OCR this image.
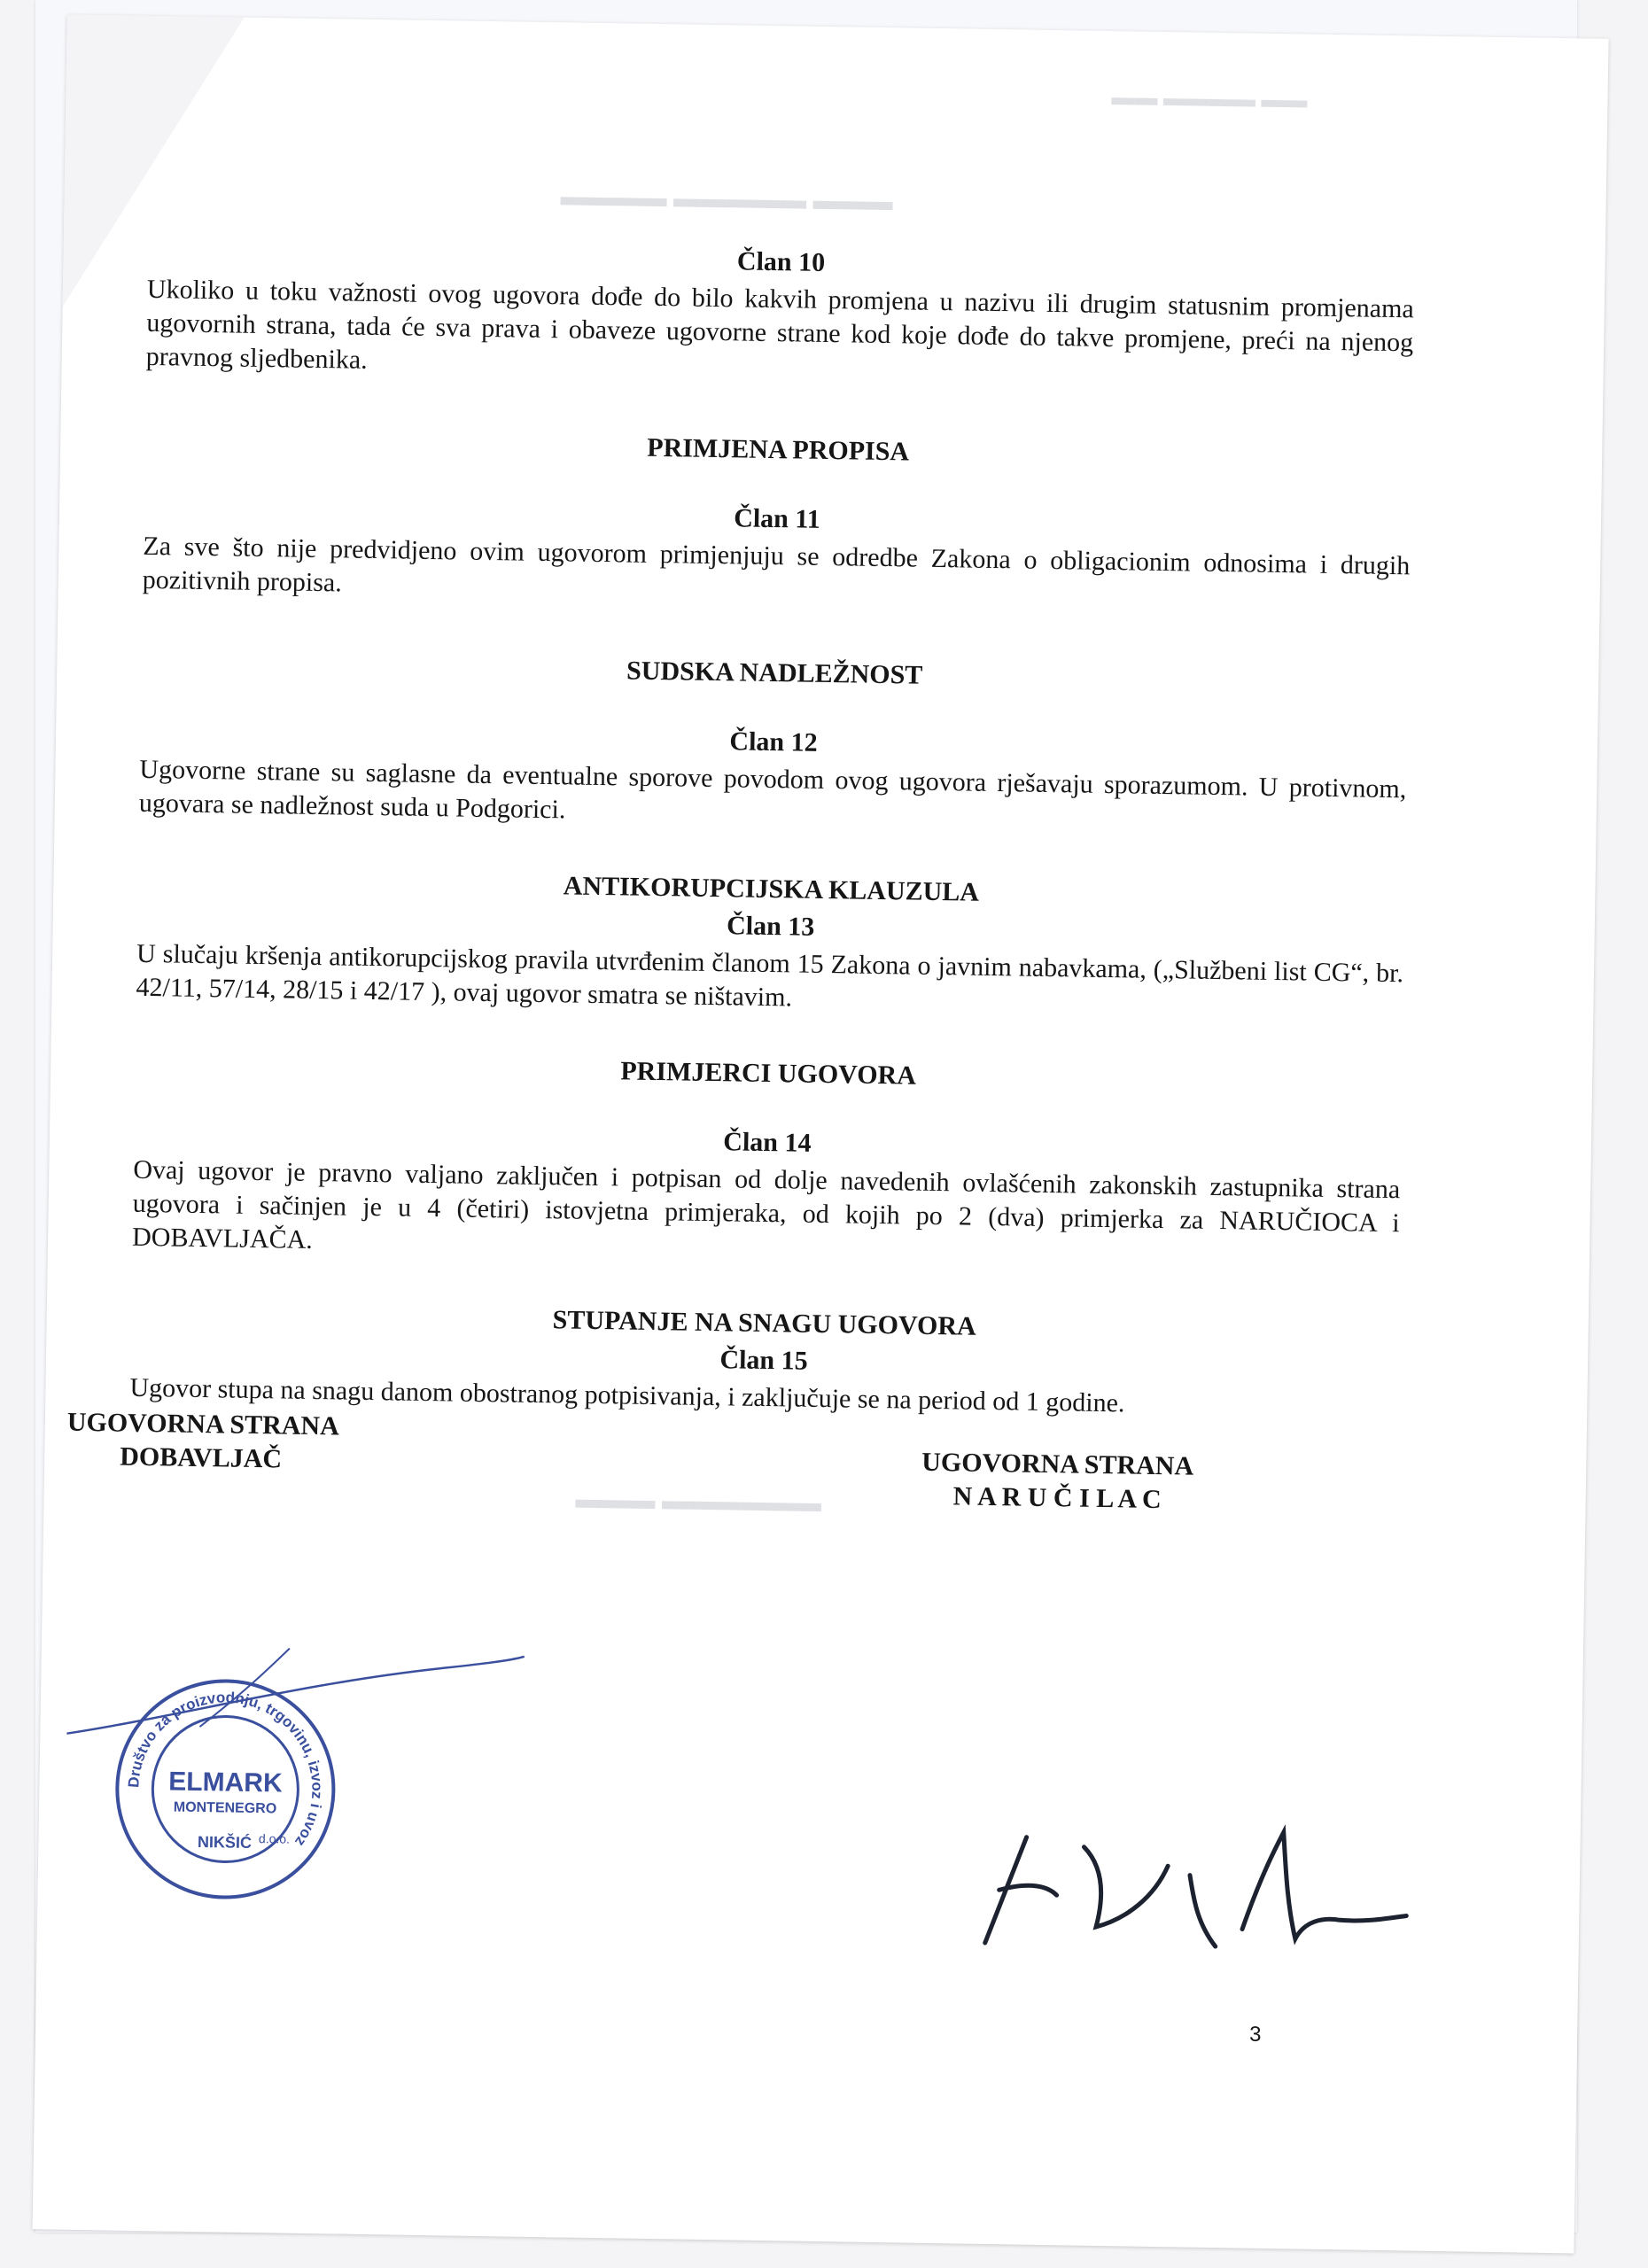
▬▬▬▬ ▬▬▬▬▬ ▬▬▬
▬▬ ▬▬▬▬ ▬▬
▬▬▬ ▬▬▬▬▬▬
Član 10

Ukoliko u toku važnosti ovog ugovora dođe do bilo kakvih promjena u nazivu ili drugim statusnim promjenama ugovornih strana, tada će sva prava i obaveze ugovorne strane kod koje dođe do takve promjene, preći na njenog pravnog sljedbenika.

PRIMJENA PROPISA
Član 11

Za sve što nije predvidjeno ovim ugovorom primjenjuju se odredbe Zakona o obligacionim odnosima i drugih pozitivnih propisa.

SUDSKA NADLEŽNOST
Član 12

Ugovorne strane su saglasne da eventualne sporove povodom ovog ugovora rješavaju sporazumom. U protivnom, ugovara se nadležnost suda u Podgorici.

ANTIKORUPCIJSKA KLAUZULA
Član 13

U slučaju kršenja antikorupcijskog pravila utvrđenim članom 15 Zakona o javnim nabavkama, („Službeni list CG“, br. 42/11, 57/14, 28/15 i 42/17 ), ovaj ugovor smatra se ništavim.

PRIMJERCI UGOVORA
Član 14

Ovaj ugovor je pravno valjano zaključen i potpisan od dolje navedenih ovlašćenih zakonskih zastupnika strana ugovora i sačinjen je u 4 (četiri) istovjetna primjeraka, od kojih po 2 (dva) primjerka za NARUČIOCA i DOBAVLJAČA.

STUPANJE NA SNAGU UGOVORA
Član 15

Ugovor stupa na snagu danom obostranog potpisivanja, i zaključuje se na period od 1 godine.

UGOVORNA STRANA
DOBAVLJAČ	UGOVORNA STRANA
N A R U Č I L A C
Društvo za proizvodnju, trgovinu, izvoz i uvoz
ELMARK
MONTENEGRO
NIKŠIĆ d.o.o.
3
